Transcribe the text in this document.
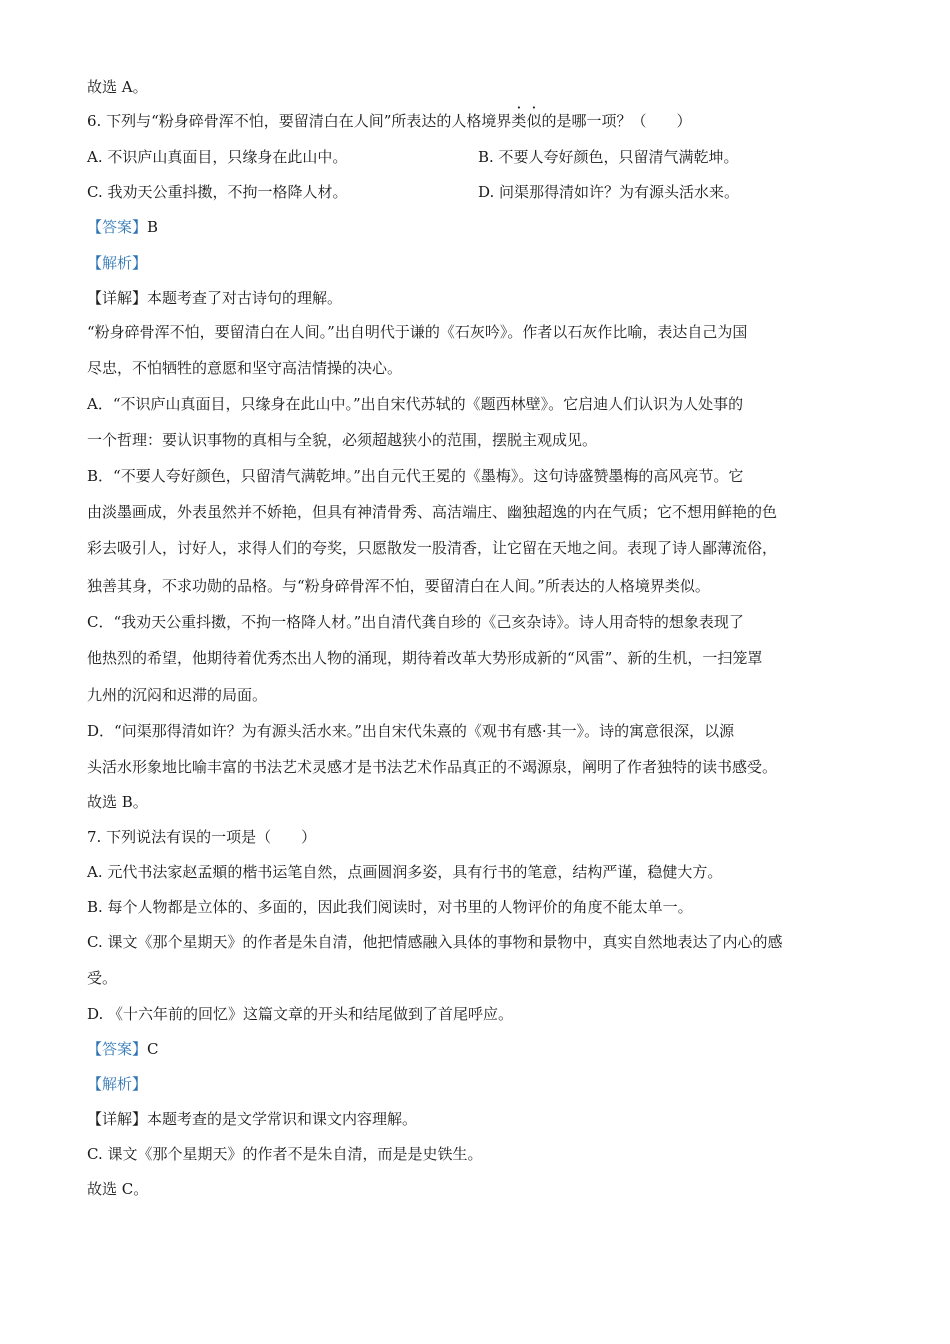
故选 A。
6. 下列与“粉身碎骨浑不怕，要留清白在人间”所表达的人格境界类似的是哪一项？（　　）
A. 不识庐山真面目，只缘身在此山中。	B. 不要人夸好颜色，只留清气满乾坤。
C. 我劝天公重抖擞，不拘一格降人材。	D. 问渠那得清如许？为有源头活水来。
【答案】B
【解析】
【详解】本题考查了对古诗句的理解。
“粉身碎骨浑不怕，要留清白在人间。”出自明代于谦的《石灰吟》。作者以石灰作比喻，表达自己为国
尽忠，不怕牺牲的意愿和坚守高洁情操的决心。
A．“不识庐山真面目，只缘身在此山中。”出自宋代苏轼的《题西林壁》。它启迪人们认识为人处事的
一个哲理：要认识事物的真相与全貌，必须超越狭小的范围，摆脱主观成见。
B．“不要人夸好颜色，只留清气满乾坤。”出自元代王冕的《墨梅》。这句诗盛赞墨梅的高风亮节。它
由淡墨画成，外表虽然并不娇艳，但具有神清骨秀、高洁端庄、幽独超逸的内在气质；它不想用鲜艳的色
彩去吸引人，讨好人，求得人们的夸奖，只愿散发一股清香，让它留在天地之间。表现了诗人鄙薄流俗，
独善其身，不求功勋的品格。与“粉身碎骨浑不怕，要留清白在人间。”所表达的人格境界类似。
C．“我劝天公重抖擞，不拘一格降人材。”出自清代龚自珍的《己亥杂诗》。诗人用奇特的想象表现了
他热烈的希望，他期待着优秀杰出人物的涌现，期待着改革大势形成新的“风雷”、新的生机，一扫笼罩
九州的沉闷和迟滞的局面。
D．“问渠那得清如许？为有源头活水来。”出自宋代朱熹的《观书有感·其一》。诗的寓意很深，以源
头活水形象地比喻丰富的书法艺术灵感才是书法艺术作品真正的不竭源泉，阐明了作者独特的读书感受。
故选 B。
7. 下列说法有误的一项是（　　）
A. 元代书法家赵孟頫的楷书运笔自然，点画圆润多姿，具有行书的笔意，结构严谨，稳健大方。
B. 每个人物都是立体的、多面的，因此我们阅读时，对书里的人物评价的角度不能太单一。
C. 课文《那个星期天》的作者是朱自清，他把情感融入具体的事物和景物中，真实自然地表达了内心的感
受。
D. 《十六年前的回忆》这篇文章的开头和结尾做到了首尾呼应。
【答案】C
【解析】
【详解】本题考查的是文学常识和课文内容理解。
C. 课文《那个星期天》的作者不是朱自清，而是是史铁生。
故选 C。
